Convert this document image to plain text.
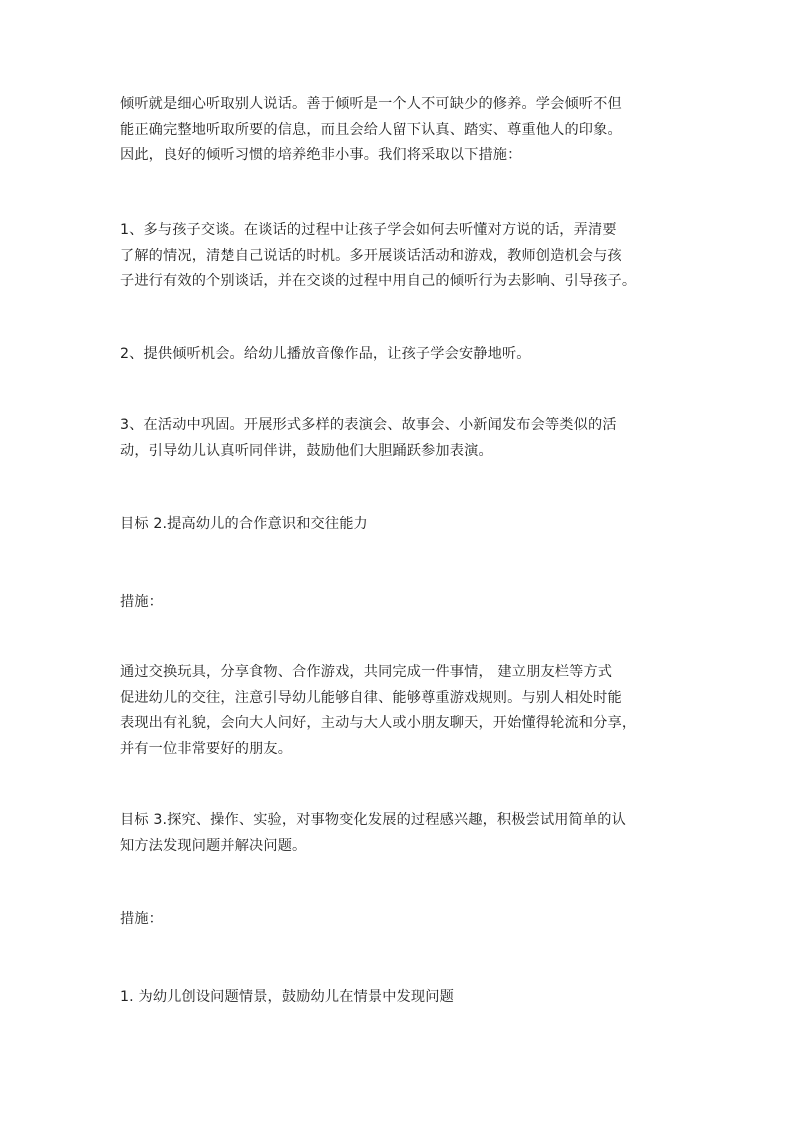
倾听就是细心听取别人说话。善于倾听是一个人不可缺少的修养。学会倾听不但
能正确完整地听取所要的信息，而且会给人留下认真、踏实、尊重他人的印象。
因此，良好的倾听习惯的培养绝非小事。我们将采取以下措施：

1、多与孩子交谈。在谈话的过程中让孩子学会如何去听懂对方说的话，弄清要
了解的情况，清楚自己说话的时机。多开展谈话活动和游戏，教师创造机会与孩
子进行有效的个别谈话，并在交谈的过程中用自己的倾听行为去影响、引导孩子。

2、提供倾听机会。给幼儿播放音像作品，让孩子学会安静地听。

3、在活动中巩固。开展形式多样的表演会、故事会、小新闻发布会等类似的活
动，引导幼儿认真听同伴讲，鼓励他们大胆踊跃参加表演。

目标 2.提高幼儿的合作意识和交往能力

措施：

通过交换玩具，分享食物、合作游戏，共同完成一件事情， 建立朋友栏等方式
促进幼儿的交往，注意引导幼儿能够自律、能够尊重游戏规则。与别人相处时能
表现出有礼貌，会向大人问好，主动与大人或小朋友聊天，开始懂得轮流和分享，
并有一位非常要好的朋友。

目标 3.探究、操作、实验，对事物变化发展的过程感兴趣，积极尝试用简单的认
知方法发现问题并解决问题。

措施：

1. 为幼儿创设问题情景，鼓励幼儿在情景中发现问题
